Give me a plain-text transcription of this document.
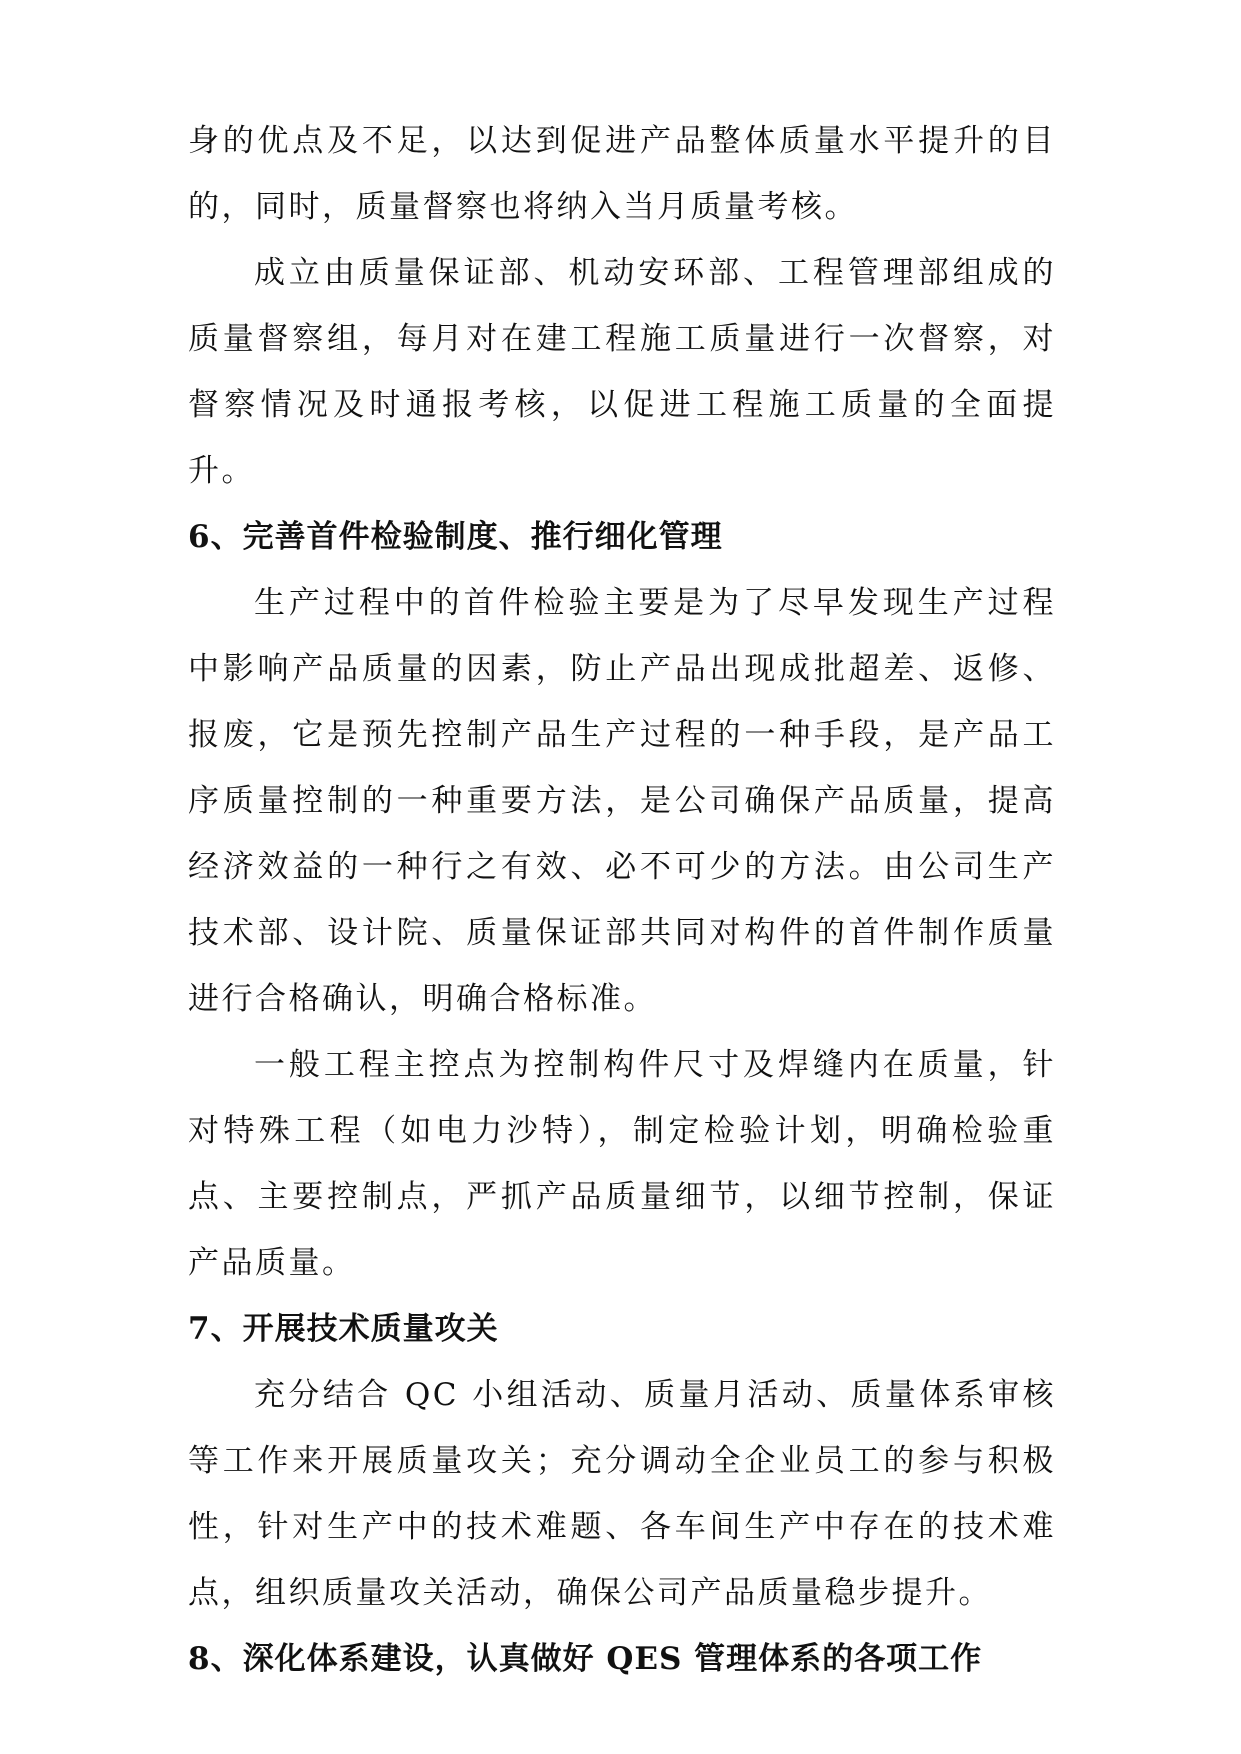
身的优点及不足，以达到促进产品整体质量水平提升的目的，同时，质量督察也将纳入当月质量考核。

成立由质量保证部、机动安环部、工程管理部组成的质量督察组，每月对在建工程施工质量进行一次督察，对督察情况及时通报考核，以促进工程施工质量的全面提升。

6、完善首件检验制度、推行细化管理

生产过程中的首件检验主要是为了尽早发现生产过程中影响产品质量的因素，防止产品出现成批超差、返修、报废，它是预先控制产品生产过程的一种手段，是产品工序质量控制的一种重要方法，是公司确保产品质量，提高经济效益的一种行之有效、必不可少的方法。由公司生产技术部、设计院、质量保证部共同对构件的首件制作质量进行合格确认，明确合格标准。

一般工程主控点为控制构件尺寸及焊缝内在质量，针对特殊工程（如电力沙特），制定检验计划，明确检验重点、主要控制点，严抓产品质量细节，以细节控制，保证产品质量。

7、开展技术质量攻关

充分结合 QC 小组活动、质量月活动、质量体系审核等工作来开展质量攻关；充分调动全企业员工的参与积极性，针对生产中的技术难题、各车间生产中存在的技术难点，组织质量攻关活动，确保公司产品质量稳步提升。

8、深化体系建设，认真做好 QES 管理体系的各项工作
